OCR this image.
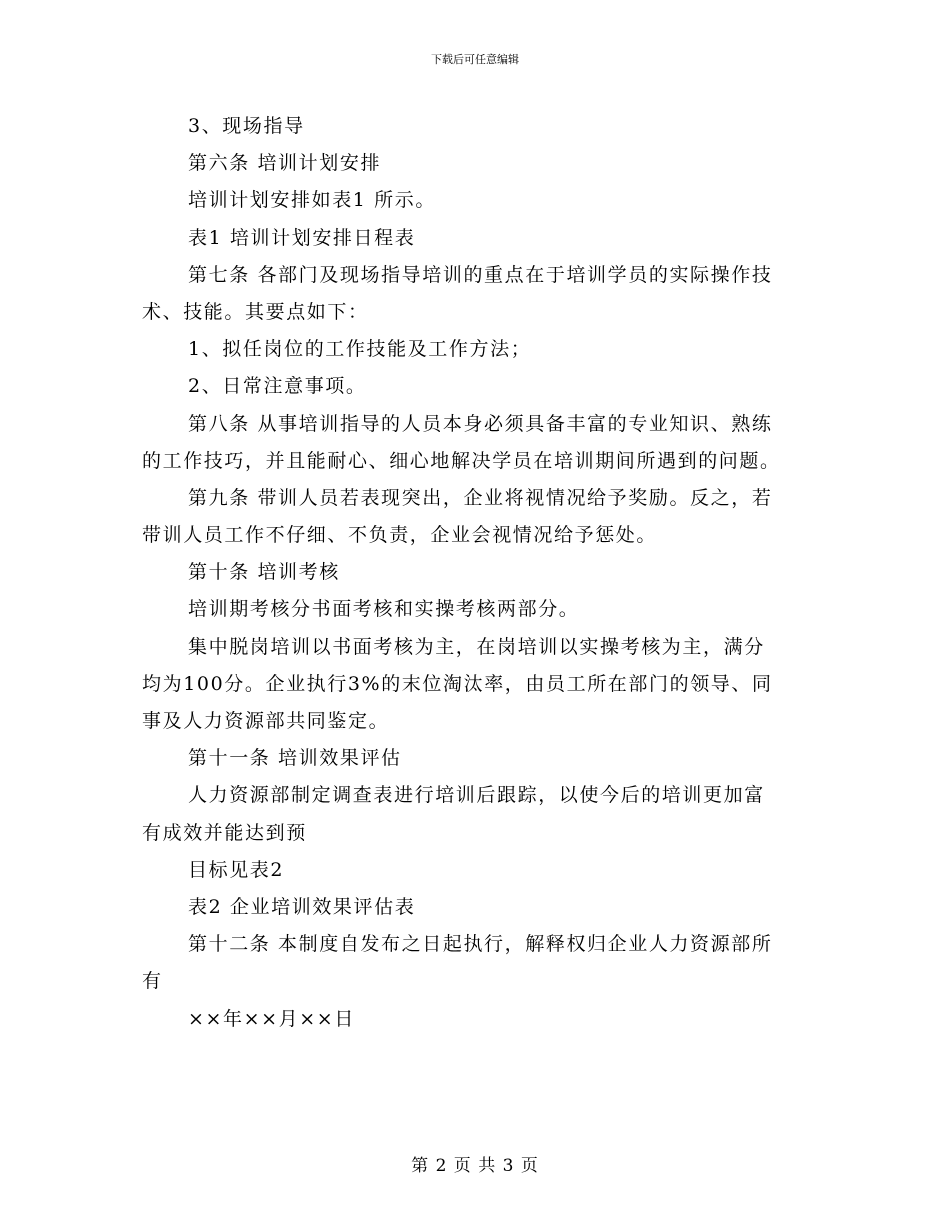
下载后可任意编辑
3、现场指导
第六条 培训计划安排
培训计划安排如表1 所示。
表1 培训计划安排日程表
第七条 各部门及现场指导培训的重点在于培训学员的实际操作技
术、技能。其要点如下：
1、拟任岗位的工作技能及工作方法；
2、日常注意事项。
第八条 从事培训指导的人员本身必须具备丰富的专业知识、熟练
的工作技巧，并且能耐心、细心地解决学员在培训期间所遇到的问题。
第九条 带训人员若表现突出，企业将视情况给予奖励。反之，若
带训人员工作不仔细、不负责，企业会视情况给予惩处。
第十条 培训考核
培训期考核分书面考核和实操考核两部分。
集中脱岗培训以书面考核为主，在岗培训以实操考核为主，满分
均为100分。企业执行3%的末位淘汰率，由员工所在部门的领导、同
事及人力资源部共同鉴定。
第十一条 培训效果评估
人力资源部制定调查表进行培训后跟踪，以使今后的培训更加富
有成效并能达到预
目标见表2
表2 企业培训效果评估表
第十二条 本制度自发布之日起执行，解释权归企业人力资源部所
有
××年××月××日
第 2 页 共 3 页
